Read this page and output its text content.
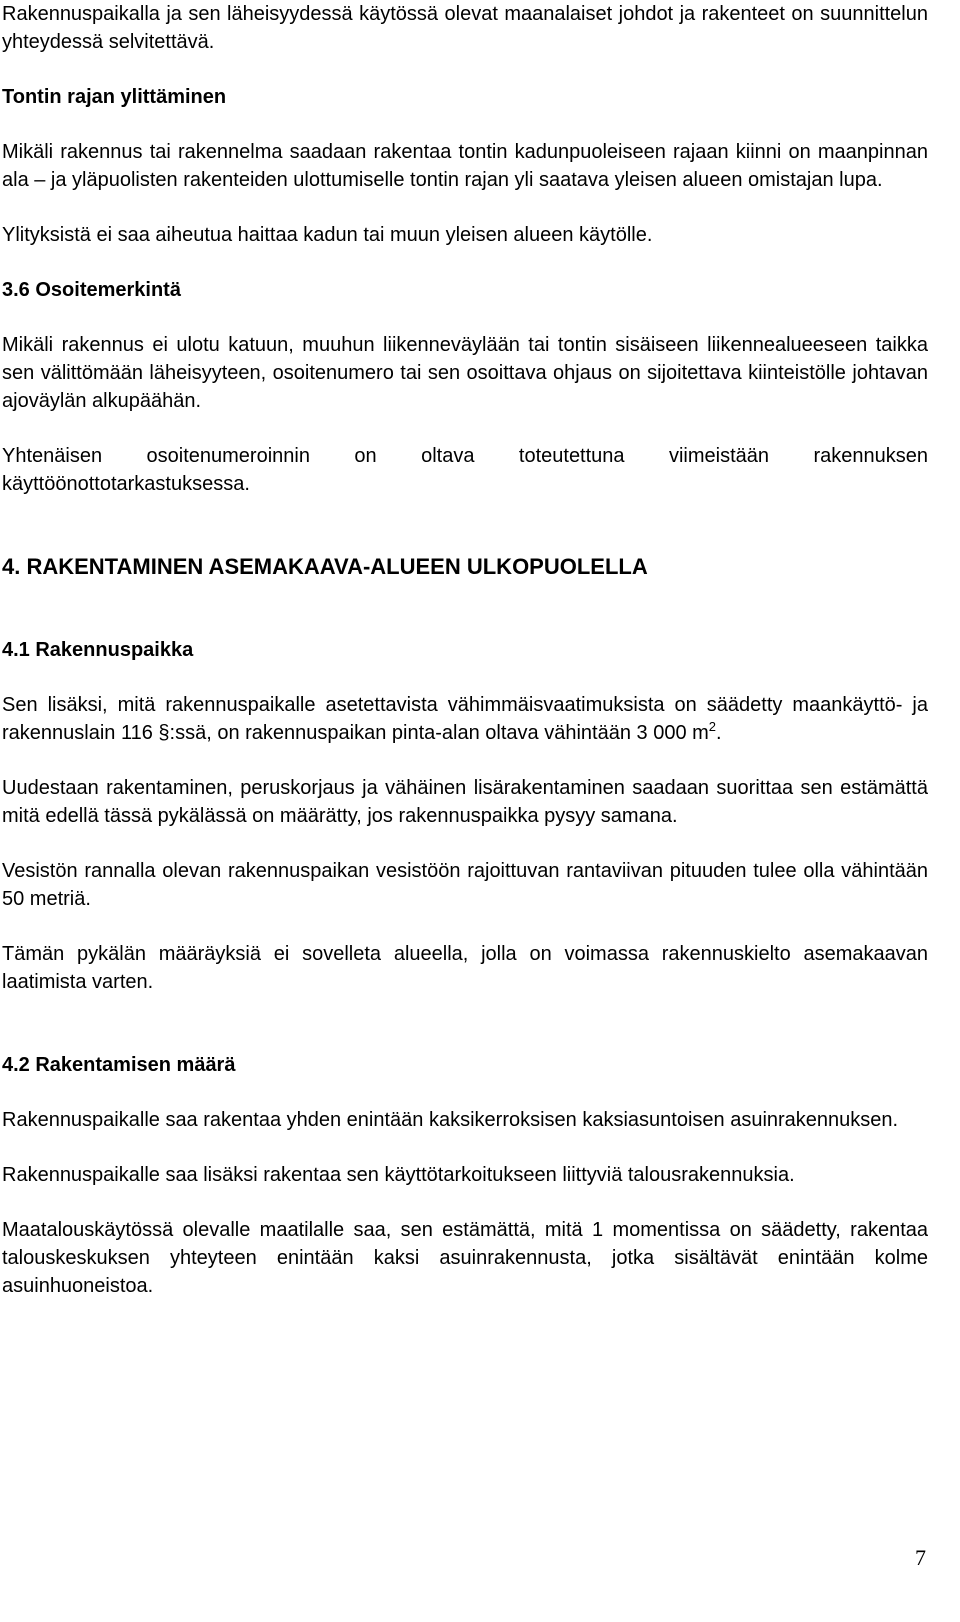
Rakennuspaikalla ja sen läheisyydessä käytössä olevat maanalaiset johdot ja rakenteet on suunnittelun yhteydessä selvitettävä.

Tontin rajan ylittäminen

Mikäli rakennus tai rakennelma saadaan rakentaa tontin kadunpuoleiseen rajaan kiinni on maanpinnan ala – ja yläpuolisten rakenteiden ulottumiselle tontin rajan yli saatava yleisen alueen omistajan lupa.

Ylityksistä ei saa aiheutua haittaa kadun tai muun yleisen alueen käytölle.

3.6 Osoitemerkintä

Mikäli rakennus ei ulotu katuun, muuhun liikenneväylään tai tontin sisäiseen liikennealueeseen taikka sen välittömään läheisyyteen, osoitenumero tai sen osoittava ohjaus on sijoitettava kiinteistölle johtavan ajoväylän alkupäähän.

Yhtenäisen osoitenumeroinnin on oltava toteutettuna viimeistään rakennuksen käyttöönottotarkastuksessa.

4. RAKENTAMINEN ASEMAKAAVA-ALUEEN ULKOPUOLELLA
4.1 Rakennuspaikka

Sen lisäksi, mitä rakennuspaikalle asetettavista vähimmäisvaatimuksista on säädetty maankäyttö- ja rakennuslain 116 §:ssä, on rakennuspaikan pinta-alan oltava vähintään 3 000 $m^2$.

Uudestaan rakentaminen, peruskorjaus ja vähäinen lisärakentaminen saadaan suorittaa sen estämättä mitä edellä tässä pykälässä on määrätty, jos rakennuspaikka pysyy samana.

Vesistön rannalla olevan rakennuspaikan vesistöön rajoittuvan rantaviivan pituuden tulee olla vähintään 50 metriä.

Tämän pykälän määräyksiä ei sovelleta alueella, jolla on voimassa rakennuskielto asemakaavan laatimista varten.

4.2 Rakentamisen määrä

Rakennuspaikalle saa rakentaa yhden enintään kaksikerroksisen kaksiasuntoisen asuinrakennuksen.

Rakennuspaikalle saa lisäksi rakentaa sen käyttötarkoitukseen liittyviä talousrakennuksia.

Maatalouskäytössä olevalle maatilalle saa, sen estämättä, mitä 1 momentissa on säädetty, rakentaa talouskeskuksen yhteyteen enintään kaksi asuinrakennusta, jotka sisältävät enintään kolme asuinhuoneistoa.

7
